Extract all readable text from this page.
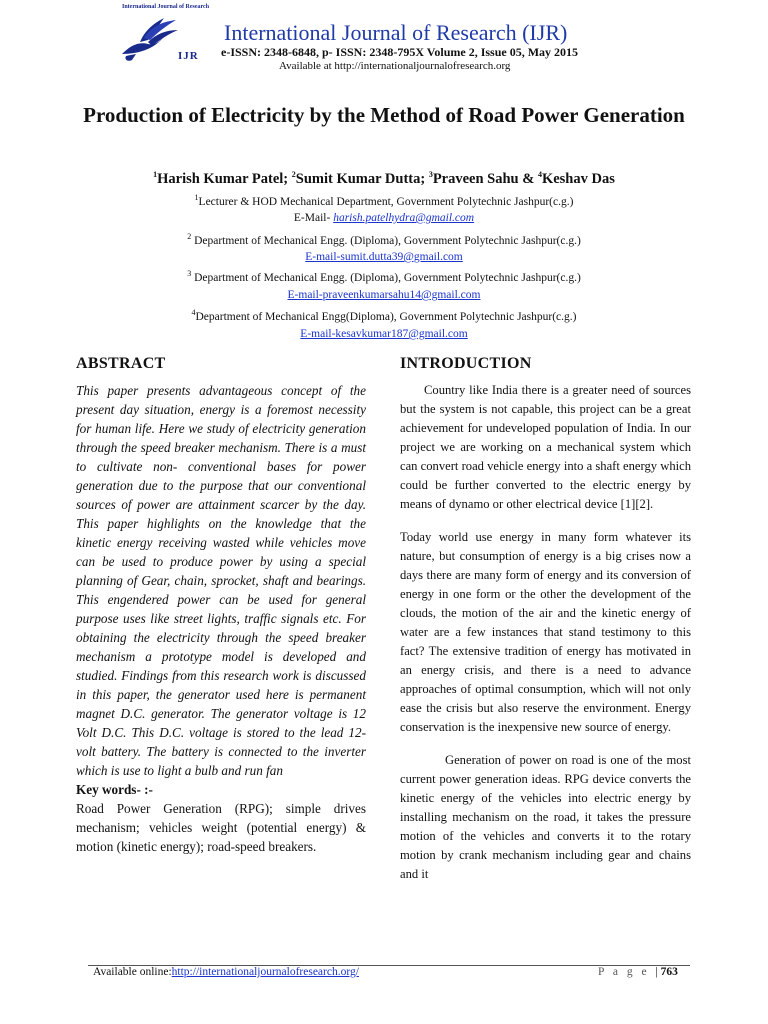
International Journal of Research
IJR
International Journal of Research (IJR)
e-ISSN: 2348-6848, p- ISSN: 2348-795X Volume 2, Issue 05, May 2015
Available at http://internationaljournalofresearch.org
Production of Electricity by the Method of Road Power Generation
$^1$Harish Kumar Patel; $^2$Sumit Kumar Dutta; $^3$Praveen Sahu & $^4$Keshav Das
$^1$Lecturer & HOD Mechanical Department, Government Polytechnic Jashpur(c.g.)
E-Mail- harish.patelhydra@gmail.com
$^2$ Department of Mechanical Engg. (Diploma), Government Polytechnic Jashpur(c.g.)
E-mail-sumit.dutta39@gmail.com
$^3$ Department of Mechanical Engg. (Diploma), Government Polytechnic Jashpur(c.g.)
E-mail-praveenkumarsahu14@gmail.com
$^4$Department of Mechanical Engg(Diploma), Government Polytechnic Jashpur(c.g.)
E-mail-kesavkumar187@gmail.com
ABSTRACT

This paper presents advantageous concept of the present day situation, energy is a foremost necessity for human life. Here we study of electricity generation through the speed breaker mechanism. There is a must to cultivate non- conventional bases for power generation due to the purpose that our conventional sources of power are attainment scarcer by the day. This paper highlights on the knowledge that the kinetic energy receiving wasted while vehicles move can be used to produce power by using a special planning of Gear, chain, sprocket, shaft and bearings. This engendered power can be used for general purpose uses like street lights, traffic signals etc. For obtaining the electricity through the speed breaker mechanism a prototype model is developed and studied. Findings from this research work is discussed in this paper, the generator used here is permanent magnet D.C. generator. The generator voltage is 12 Volt D.C. This D.C. voltage is stored to the lead 12-volt battery. The battery is connected to the inverter which is use to light a bulb and run fan

Key words- :-

Road Power Generation (RPG); simple drives mechanism; vehicles weight (potential energy) & motion (kinetic energy); road-speed breakers.

INTRODUCTION

Country like India there is a greater need of sources but the system is not capable, this project can be a great achievement for undeveloped population of India. In our project we are working on a mechanical system which can convert road vehicle energy into a shaft energy which could be further converted to the electric energy by means of dynamo or other electrical device [1][2].

Today world use energy in many form whatever its nature, but consumption of energy is a big crises now a days there are many form of energy and its conversion of energy in one form or the other the development of the clouds, the motion of the air and the kinetic energy of water are a few instances that stand testimony to this fact? The extensive tradition of energy has motivated in an energy crisis, and there is a need to advance approaches of optimal consumption, which will not only ease the crisis but also reserve the environment. Energy conservation is the inexpensive new source of energy.

Generation of power on road is one of the most current power generation ideas. RPG device converts the kinetic energy of the vehicles into electric energy by installing mechanism on the road, it takes the pressure motion of the vehicles and converts it to the rotary motion by crank mechanism including gear and chains and it

Available online:http://internationaljournalofresearch.org/	P a g e | 763
